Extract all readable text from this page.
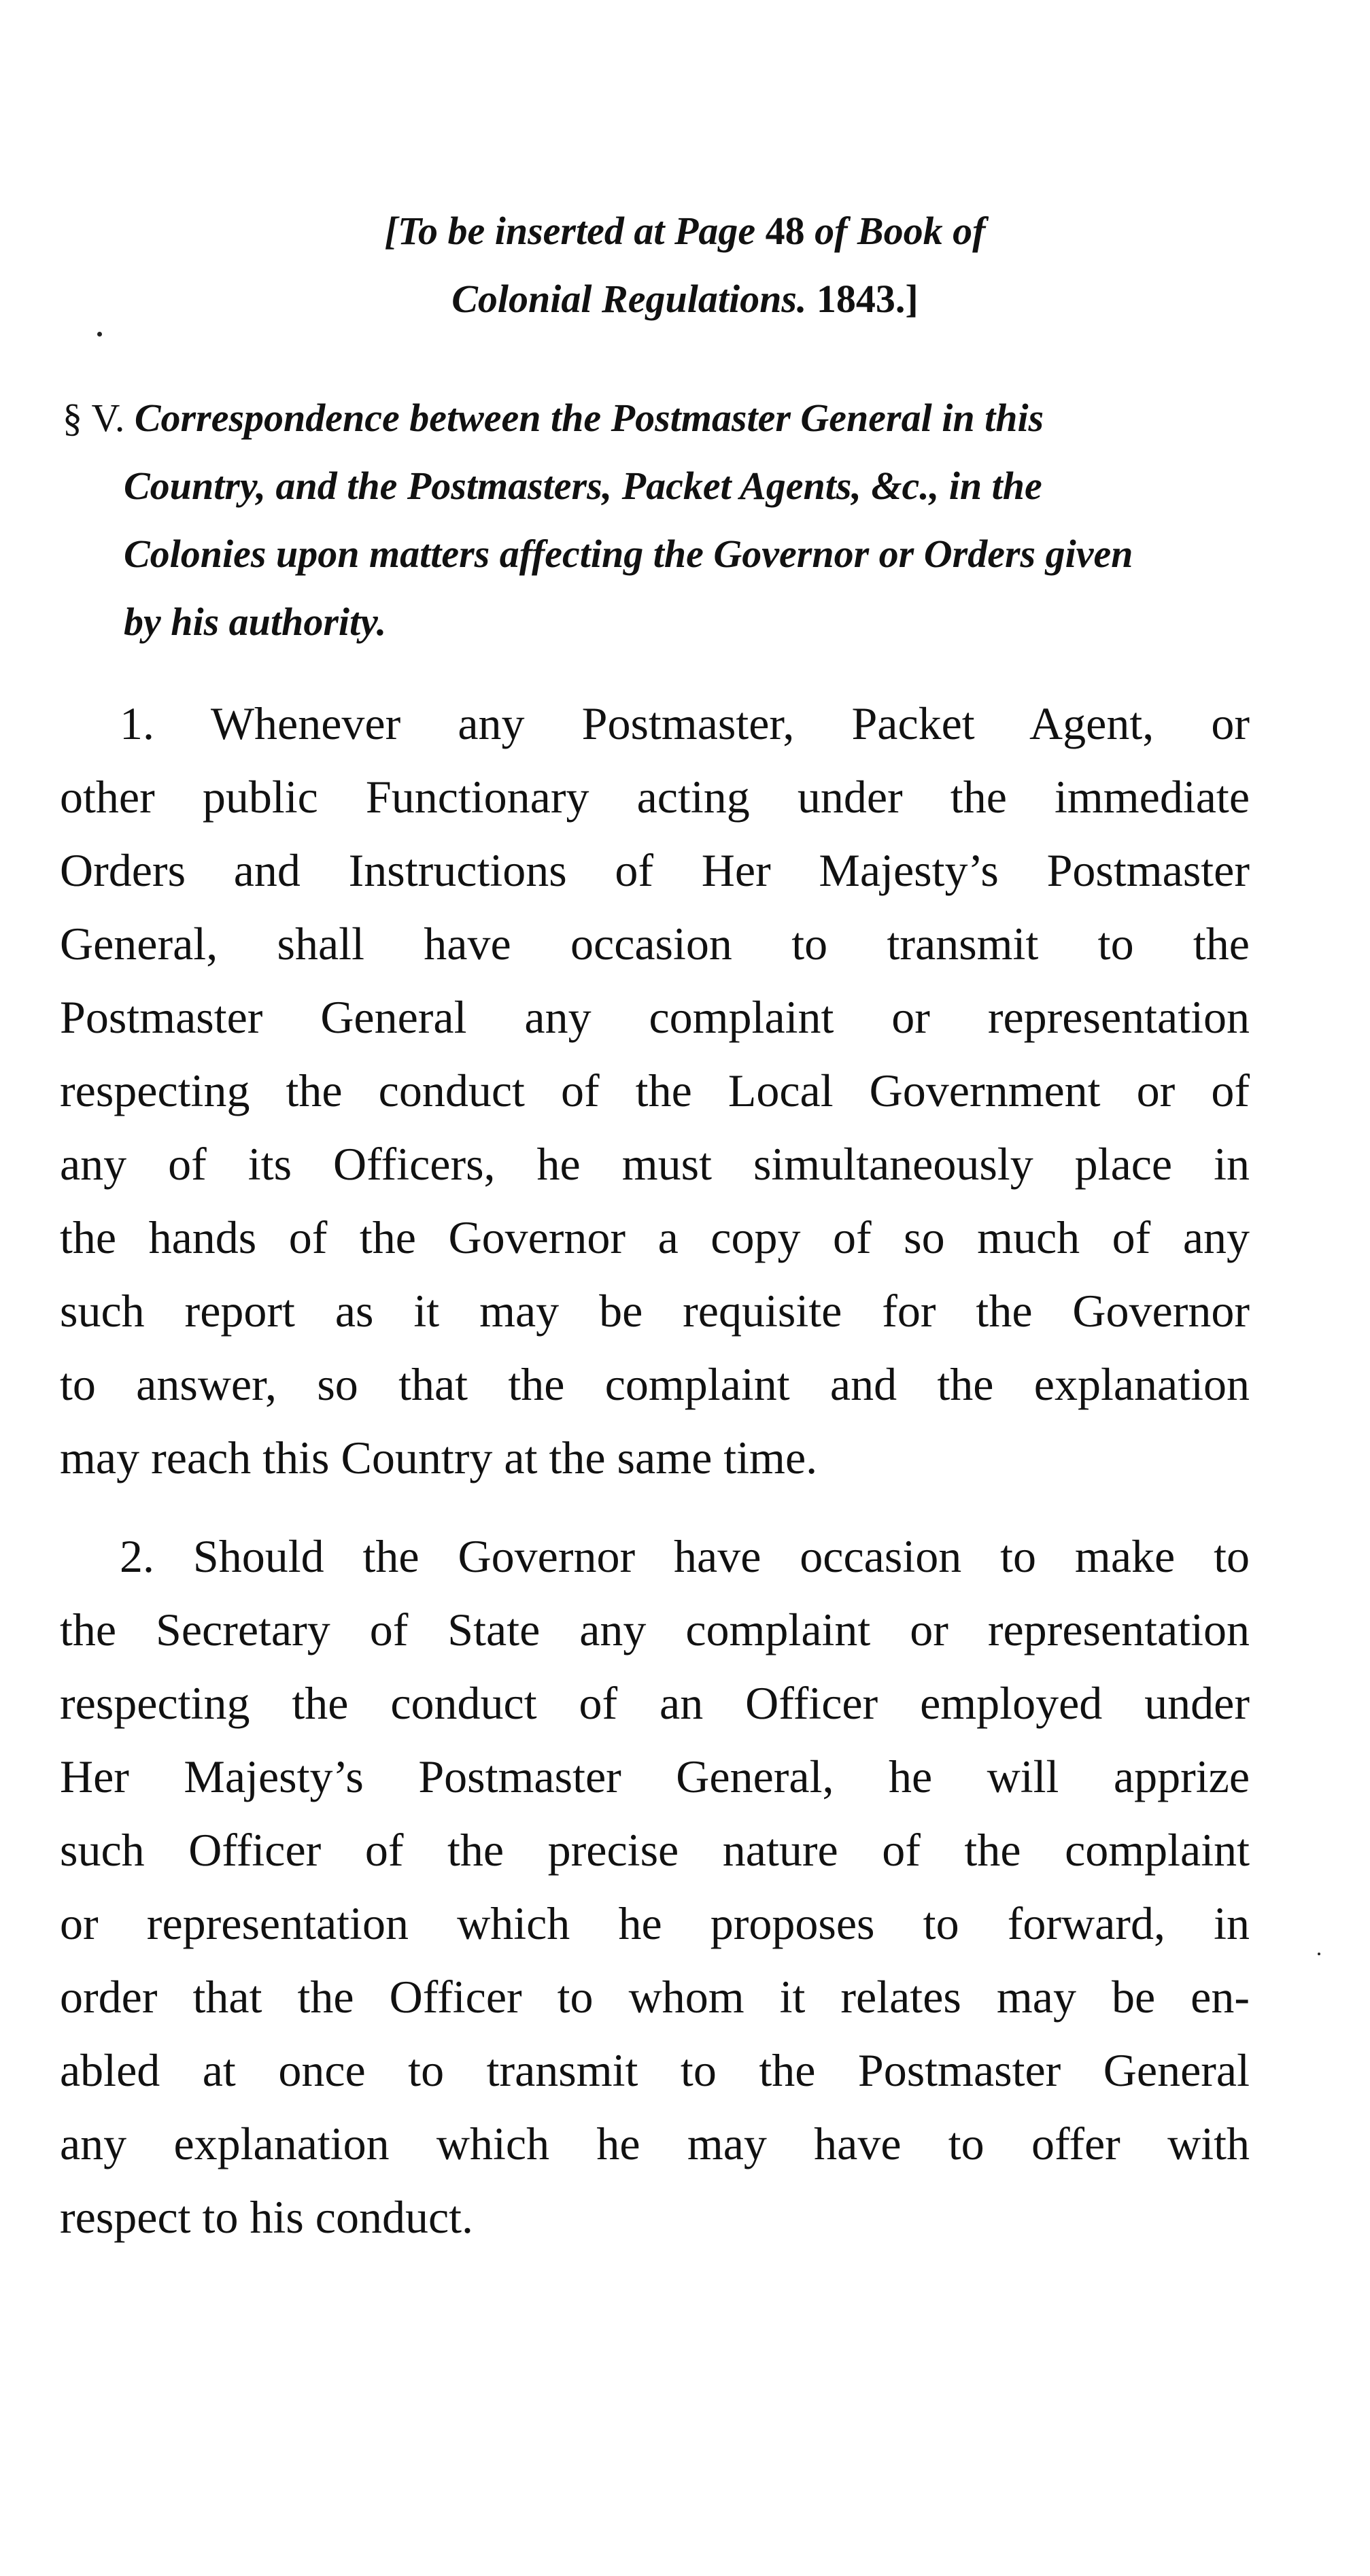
[To be inserted at Page 48 of Book of
Colonial Regulations. 1843.]
§ V. Correspondence between the Postmaster General in this
Country, and the Postmasters, Packet Agents, &c., in the
Colonies upon matters affecting the Governor or Orders given
by his authority.
1. Whenever any Postmaster, Packet Agent, or
other public Functionary acting under the immediate
Orders and Instructions of Her Majesty’s Postmaster
General, shall have occasion to transmit to the
Postmaster General any complaint or representation
respecting the conduct of the Local Government or of
any of its Officers, he must simultaneously place in
the hands of the Governor a copy of so much of any
such report as it may be requisite for the Governor
to answer, so that the complaint and the explanation
may reach this Country at the same time.
2. Should the Governor have occasion to make to
the Secretary of State any complaint or representation
respecting the conduct of an Officer employed under
Her Majesty’s Postmaster General, he will apprize
such Officer of the precise nature of the complaint
or representation which he proposes to forward, in
order that the Officer to whom it relates may be en-
abled at once to transmit to the Postmaster General
any explanation which he may have to offer with
respect to his conduct.
